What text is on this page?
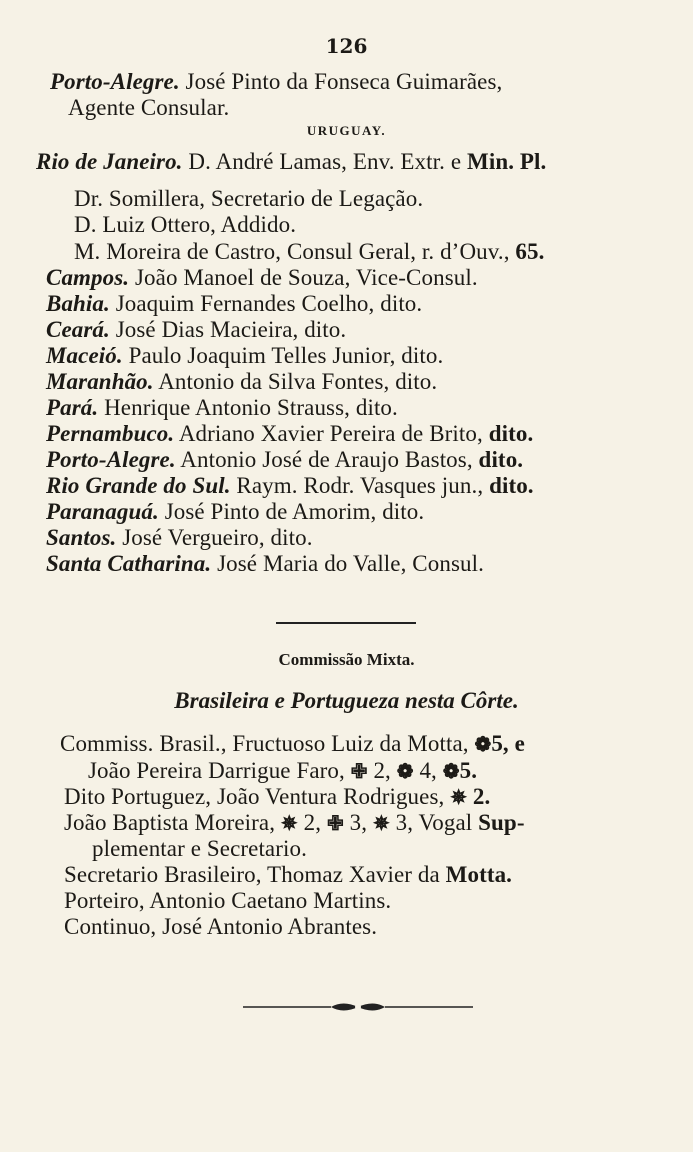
126
Porto-Alegre. José Pinto da Fonseca Guimarães,
Agente Consular.
URUGUAY.
Rio de Janeiro. D. André Lamas, Env. Extr. e Min. Pl.
Dr. Somillera, Secretario de Legação.
D. Luiz Ottero, Addido.
M. Moreira de Castro, Consul Geral, r. d’Ouv., 65.
Campos. João Manoel de Souza, Vice-Consul.
Bahia. Joaquim Fernandes Coelho, dito.
Ceará. José Dias Macieira, dito.
Maceió. Paulo Joaquim Telles Junior, dito.
Maranhão. Antonio da Silva Fontes, dito.
Pará. Henrique Antonio Strauss, dito.
Pernambuco. Adriano Xavier Pereira de Brito, dito.
Porto-Alegre. Antonio José de Araujo Bastos, dito.
Rio Grande do Sul. Raym. Rodr. Vasques jun., dito.
Paranaguá. José Pinto de Amorim, dito.
Santos. José Vergueiro, dito.
Santa Catharina. José Maria do Valle, Consul.
Commissão Mixta.
Brasileira e Portugueza nesta Côrte.
Commiss. Brasil., Fructuoso Luiz da Motta, ❁5, e
João Pereira Darrigue Faro, ✙ 2, ❁ 4, ❁5.
Dito Portuguez, João Ventura Rodrigues, ✵ 2.
João Baptista Moreira, ✵ 2, ✙ 3, ✵ 3, Vogal Sup-
plementar e Secretario.
Secretario Brasileiro, Thomaz Xavier da Motta.
Porteiro, Antonio Caetano Martins.
Continuo, José Antonio Abrantes.
